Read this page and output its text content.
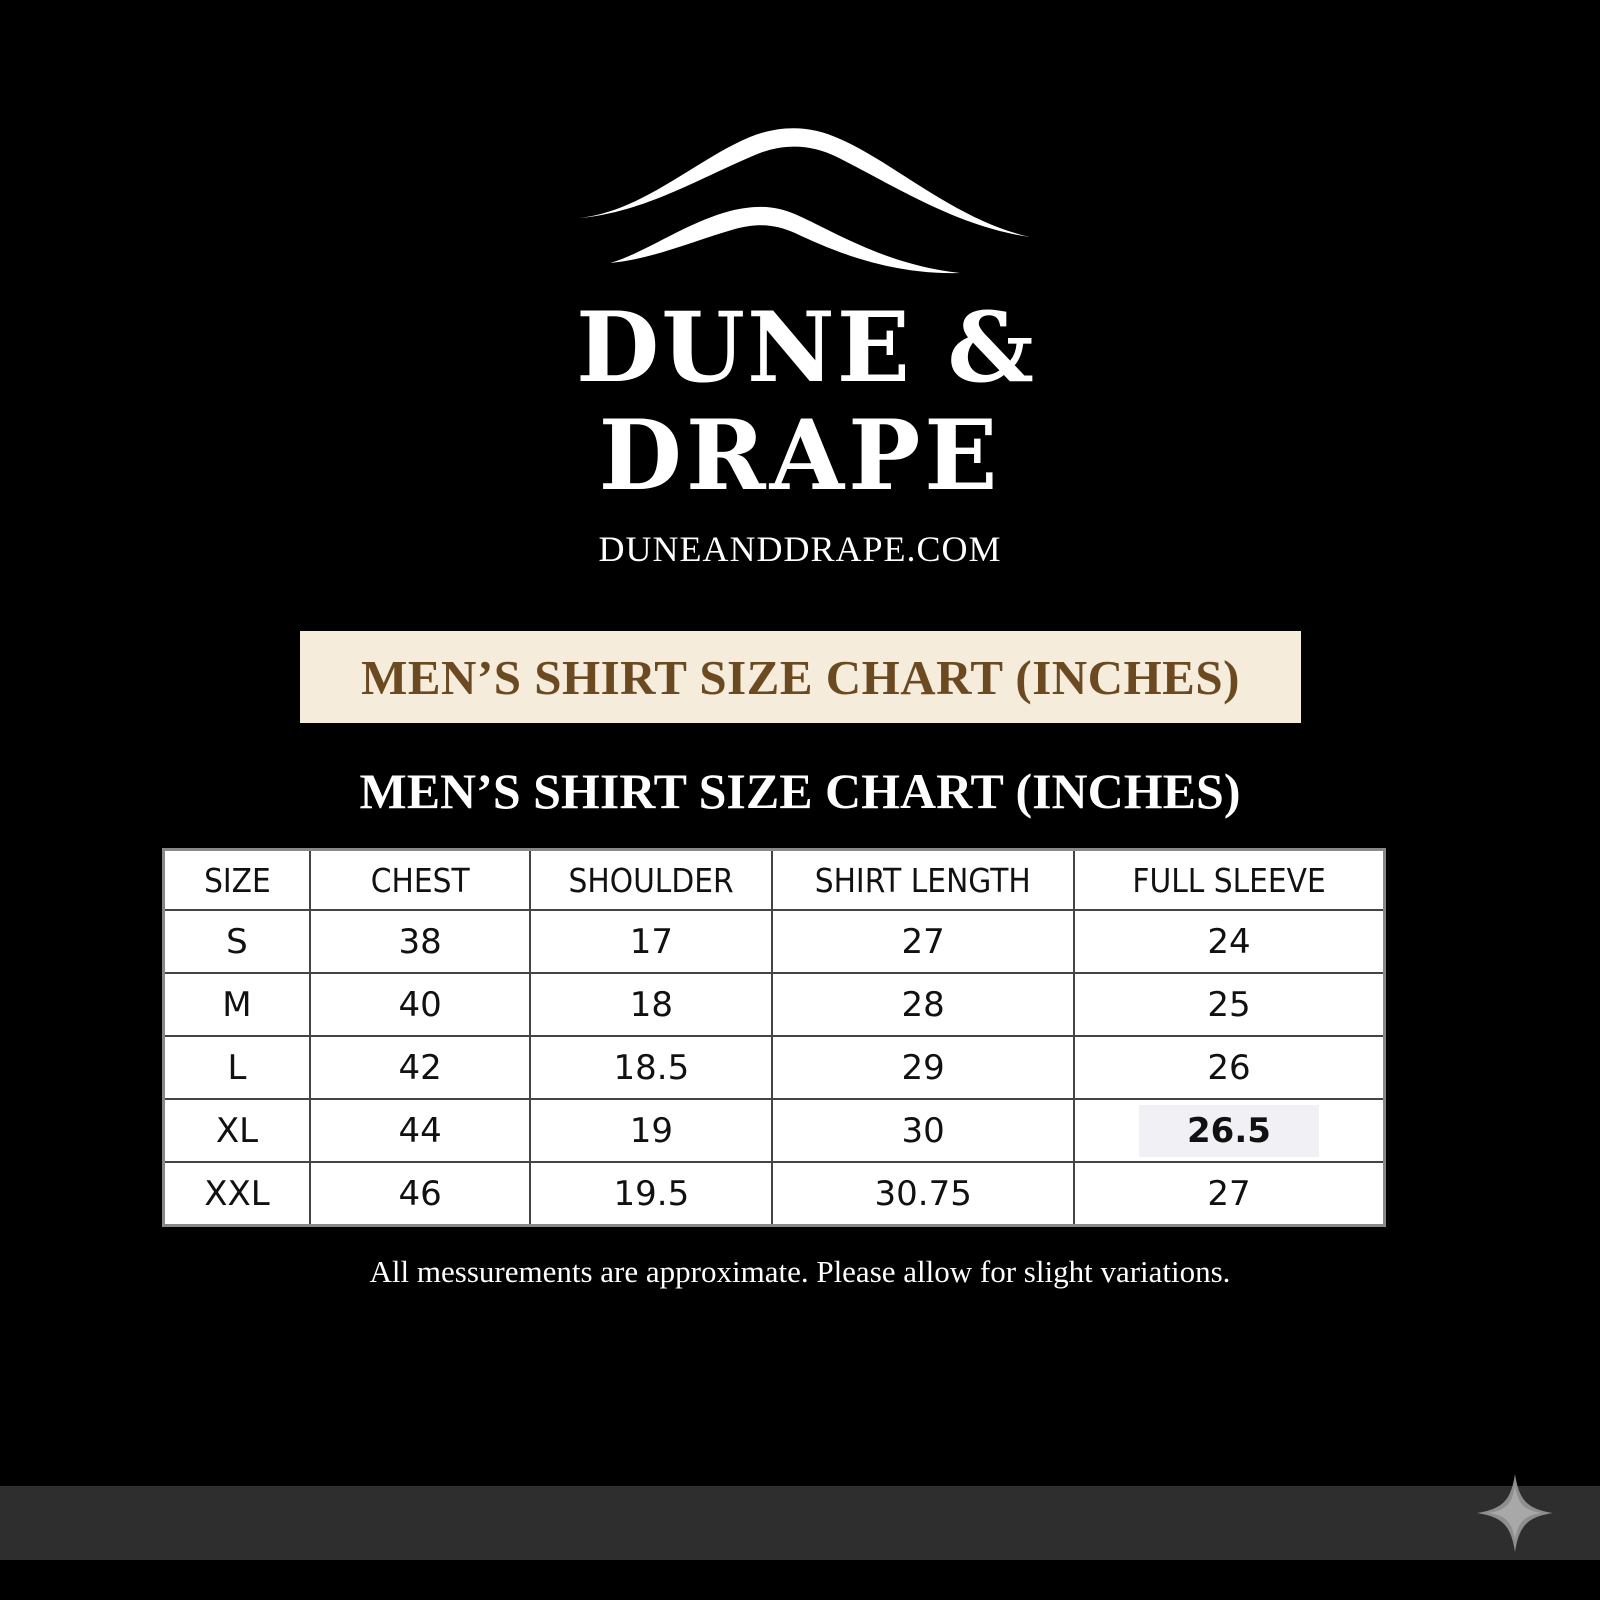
DUNE &
DRAPE
DUNEANDDRAPE.COM
MEN’S SHIRT SIZE CHART (INCHES)
MEN’S SHIRT SIZE CHART (INCHES)
SIZE	CHEST	SHOULDER	SHIRT LENGTH	FULL SLEEVE
S	38	17	27	24
M	40	18	28	25
L	42	18.5	29	26
XL	44	19	30	26.5
XXL	46	19.5	30.75	27
All messurements are approximate. Please allow for slight variations.
